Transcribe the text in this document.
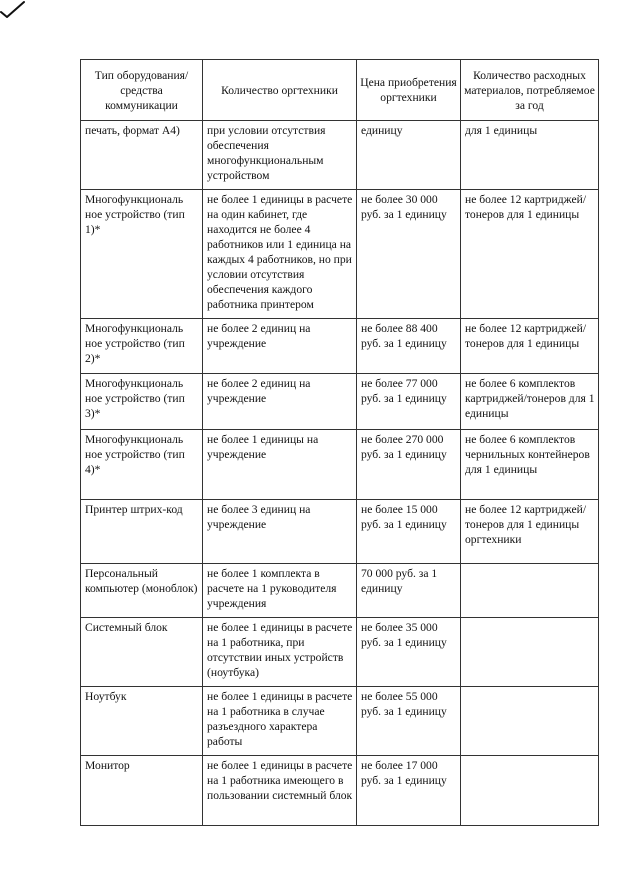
Тип оборудования/ средства коммуникации	Количество оргтехники	Цена приобретения оргтехники	Количество расходных материалов, потребляемое за год
печать, формат А4)	при условии отсутствия обеспечения многофункциональным устройством	единицу	для 1 единицы
Многофункциональ ное устройство (тип 1)*	не более 1 единицы в расчете на один кабинет, где находится не более 4 работников или 1 единица на каждых 4 работников, но при условии отсутствия обеспечения каждого работника принтером	не более 30 000 руб. за 1 единицу	не более 12 картриджей/тонеров для 1 единицы
Многофункциональ ное устройство (тип 2)*	не более 2 единиц на учреждение	не более 88 400 руб. за 1 единицу	не более 12 картриджей/тонеров для 1 единицы
Многофункциональ ное устройство (тип 3)*	не более 2 единиц на учреждение	не более 77 000 руб. за 1 единицу	не более 6 комплектов картриджей/тонеров для 1 единицы
Многофункциональ ное устройство (тип 4)*	не более 1 единицы на учреждение	не более 270 000 руб. за 1 единицу	не более 6 комплектов чернильных контейнеров для 1 единицы
Принтер штрих-код	не более 3 единиц на учреждение	не более 15 000 руб. за 1 единицу	не более 12 картриджей/тонеров для 1 единицы оргтехники
Персональный компьютер (моноблок)	не более 1 комплекта в расчете на 1 руководителя учреждения	70 000 руб. за 1 единицу	
Системный блок	не более 1 единицы в расчете на 1 работника, при отсутствии иных устройств (ноутбука)	не более 35 000 руб. за 1 единицу	
Ноутбук	не более 1 единицы в расчете на 1 работника в случае разъездного характера работы	не более 55 000 руб. за 1 единицу	
Монитор	не более 1 единицы в расчете на 1 работника имеющего в пользовании системный блок	не более 17 000 руб. за 1 единицу	
